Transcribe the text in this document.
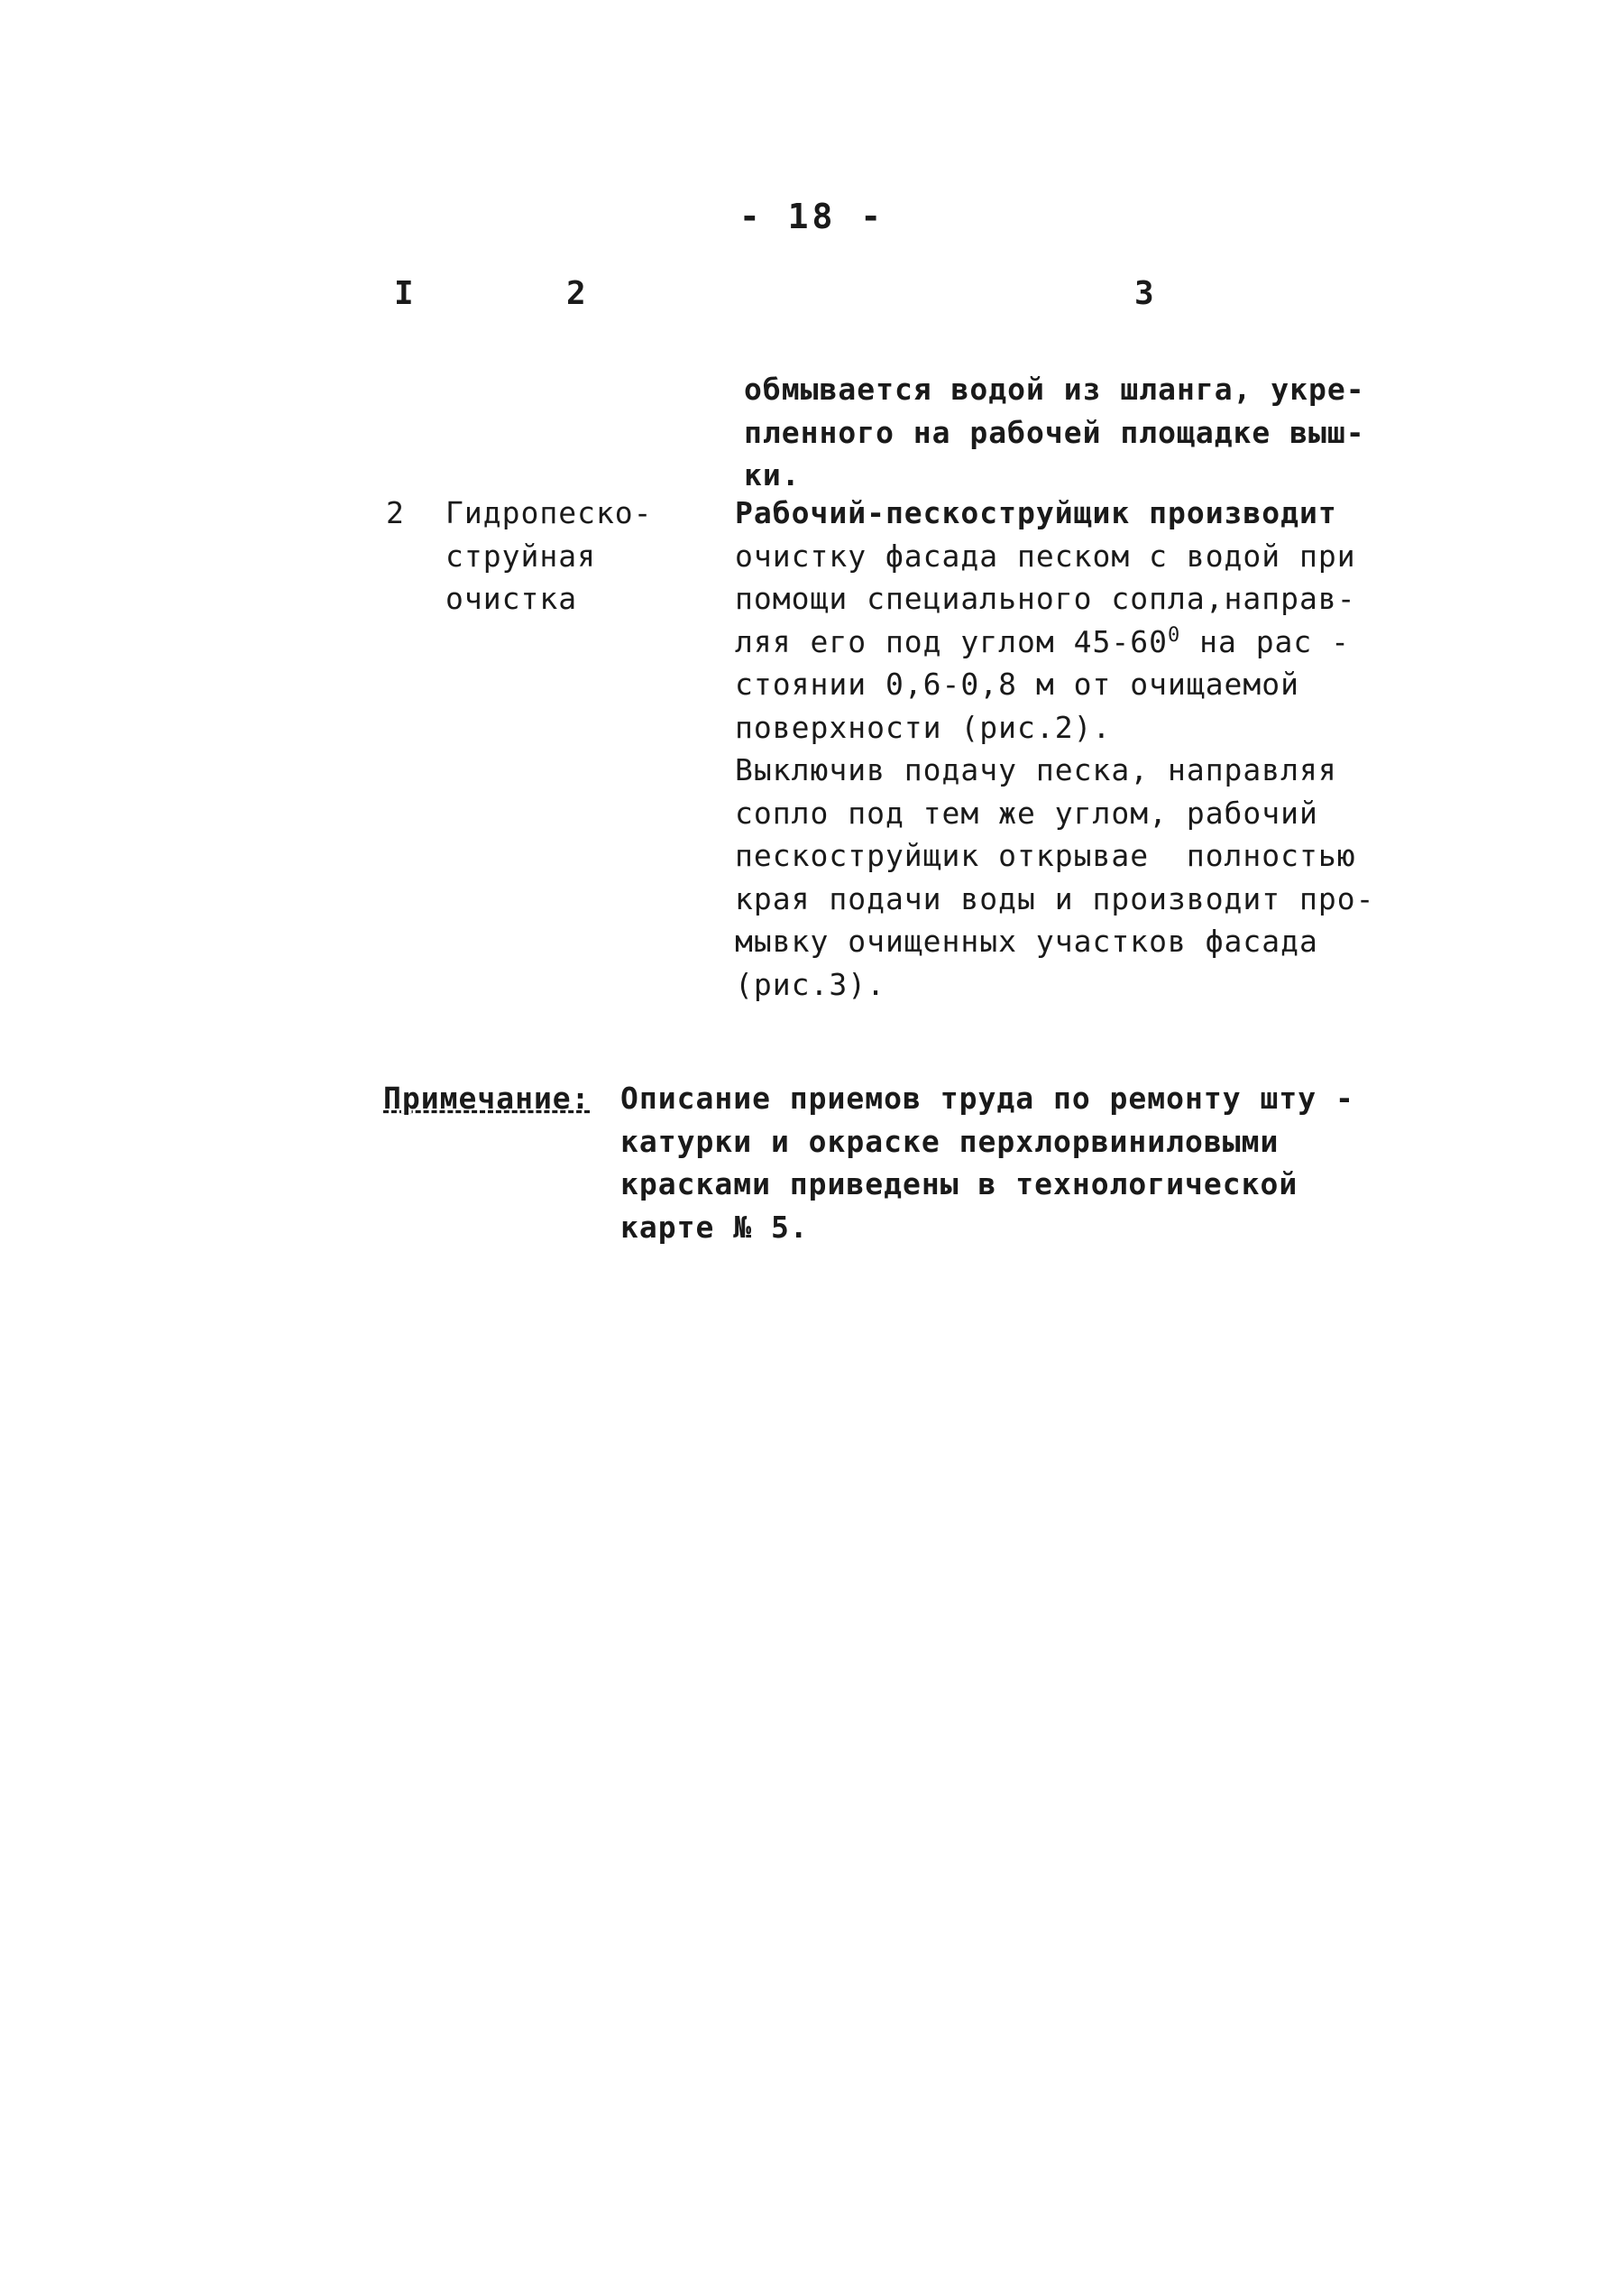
- 18 -
I	2	3
обмывается водой из шланга, укре-
пленного на рабочей площадке выш-
ки.
2 Гидропеско-
струйная
очистка
Рабочий-пескоструйщик производит
очистку фасада песком с водой при
помощи специального сопла,направ-
ляя его под углом $45-60^0$ на рас -
стоянии 0,6-0,8 м от очищаемой
поверхности (рис.2).
Выключив подачу песка, направляя
сопло под тем же углом, рабочий
пескоструйщик открывае  полностью
края подачи воды и производит про-
мывку очищенных участков фасада
(рис.3).
Примечание: Описание приемов труда по ремонту шту -
катурки и окраске перхлорвиниловыми
красками приведены в технологической
карте № 5.
